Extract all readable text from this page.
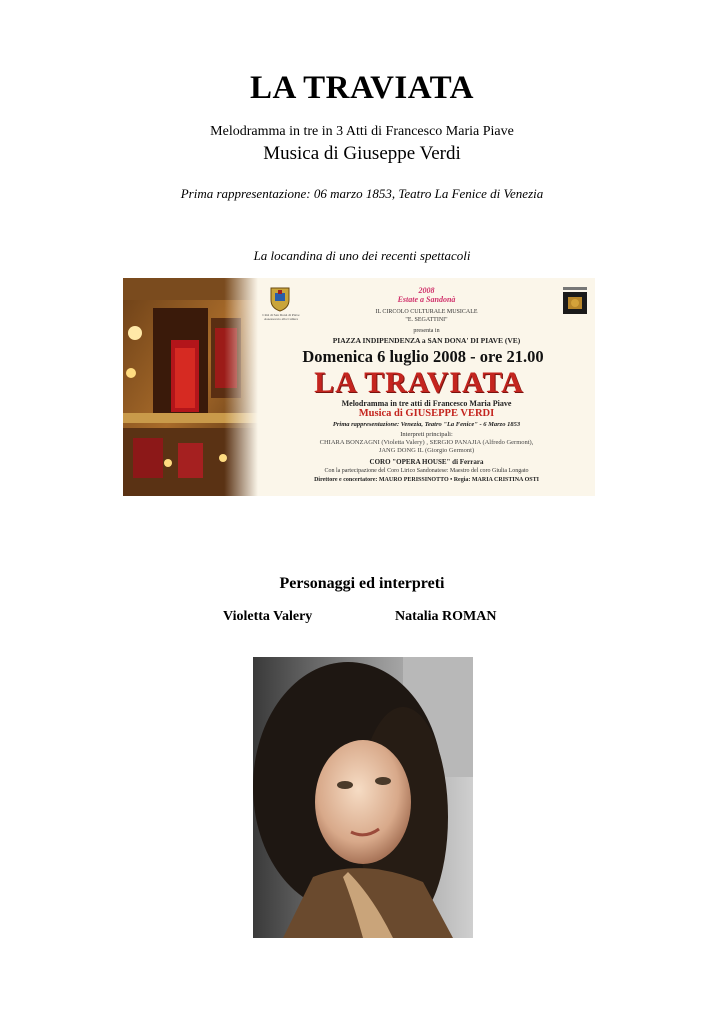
LA TRAVIATA
Melodramma in tre in 3 Atti di Francesco Maria Piave
Musica di Giuseppe Verdi
Prima rappresentazione: 06 marzo 1853, Teatro La Fenice di Venezia
La locandina di uno dei recenti spettacoli
Città di San Donà di Piave
Assessorato alla Cultura
2008
Estate a Sandonà
IL CIRCOLO CULTURALE MUSICALE
"E. SEGATTINI"
presenta in
PIAZZA INDIPENDENZA a SAN DONA' DI PIAVE (VE)
Domenica 6 luglio 2008 - ore 21.00
LA TRAVIATA
Melodramma in tre atti di Francesco Maria Piave
Musica di GIUSEPPE VERDI
Prima rappresentazione: Venezia, Teatro "La Fenice" - 6 Marzo 1853
Interpreti principali:
CHIARA BONZAGNI (Violetta Valery) , SERGIO PANAJIA (Alfredo Germont),
JANG DONG IL (Giorgio Germont)
CORO "OPERA HOUSE" di Ferrara
Con la partecipazione del Coro Lirico Sandonatese: Maestro del coro Giulia Longato
Direttore e concertatore: MAURO PERISSINOTTO • Regia: MARIA CRISTINA OSTI
Personaggi ed interpreti
Violetta Valery	Natalia ROMAN
